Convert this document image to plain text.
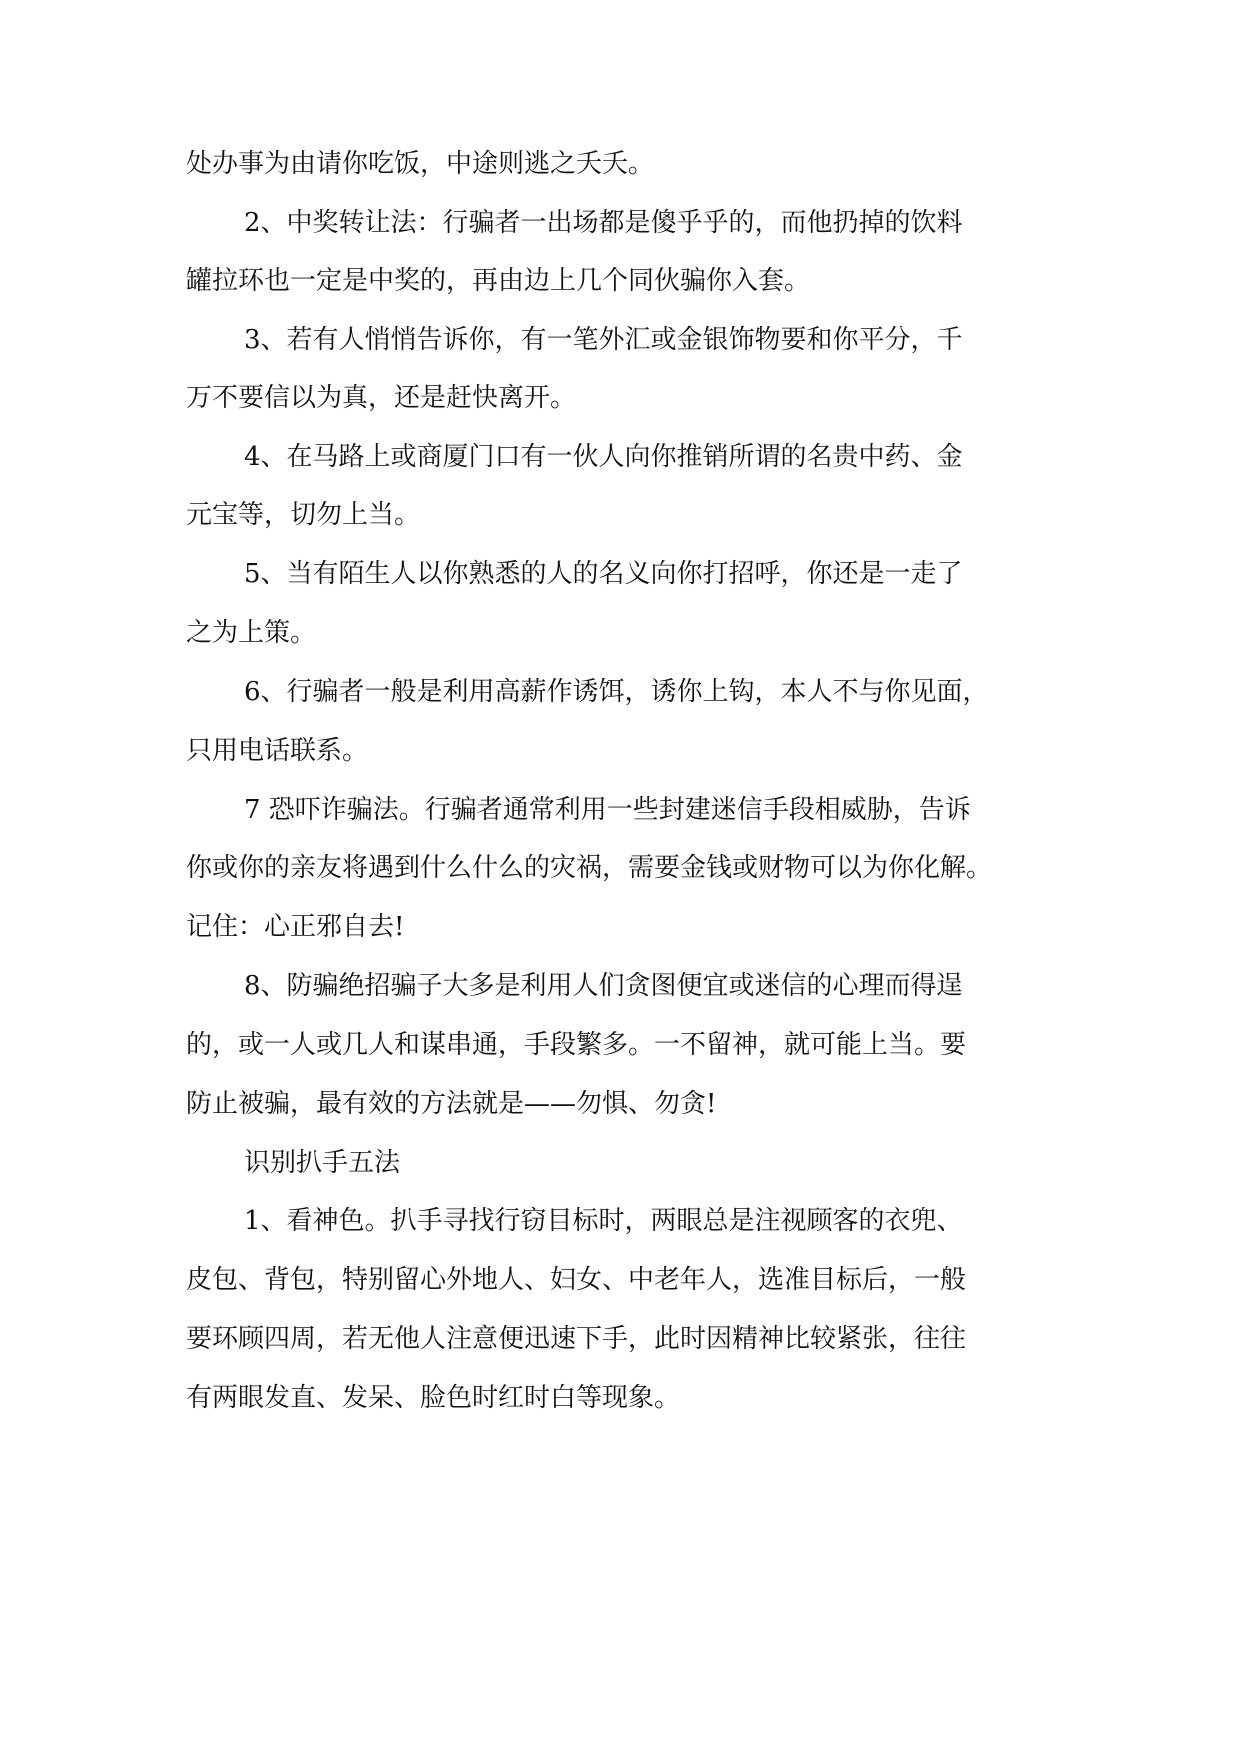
处办事为由请你吃饭，中途则逃之夭夭。
2、中奖转让法：行骗者一出场都是傻乎乎的，而他扔掉的饮料
罐拉环也一定是中奖的，再由边上几个同伙骗你入套。
3、若有人悄悄告诉你，有一笔外汇或金银饰物要和你平分，千
万不要信以为真，还是赶快离开。
4、在马路上或商厦门口有一伙人向你推销所谓的名贵中药、金
元宝等，切勿上当。
5、当有陌生人以你熟悉的人的名义向你打招呼，你还是一走了
之为上策。
6、行骗者一般是利用高薪作诱饵，诱你上钩，本人不与你见面，
只用电话联系。
7 恐吓诈骗法。行骗者通常利用一些封建迷信手段相威胁，告诉
你或你的亲友将遇到什么什么的灾祸，需要金钱或财物可以为你化解。
记住：心正邪自去!
8、防骗绝招骗子大多是利用人们贪图便宜或迷信的心理而得逞
的，或一人或几人和谋串通，手段繁多。一不留神，就可能上当。要
防止被骗，最有效的方法就是——勿惧、勿贪!
识别扒手五法
1、看神色。扒手寻找行窃目标时，两眼总是注视顾客的衣兜、
皮包、背包，特别留心外地人、妇女、中老年人，选准目标后，一般
要环顾四周，若无他人注意便迅速下手，此时因精神比较紧张，往往
有两眼发直、发呆、脸色时红时白等现象。
